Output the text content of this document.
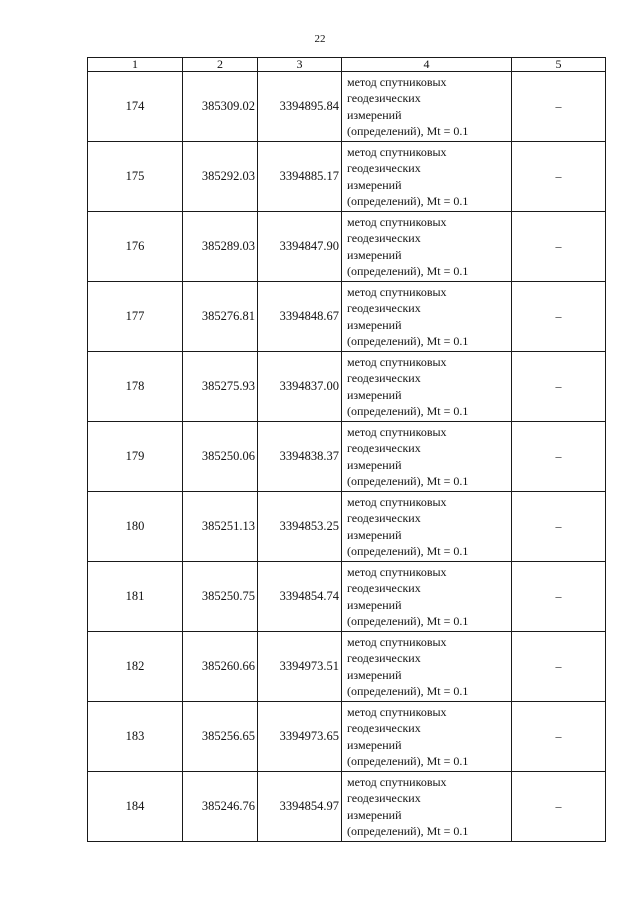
22
1	2	3	4	5
174	385309.02	3394895.84	метод спутниковых
геодезических
измерений
(определений), Mt = 0.1	–
175	385292.03	3394885.17	метод спутниковых
геодезических
измерений
(определений), Mt = 0.1	–
176	385289.03	3394847.90	метод спутниковых
геодезических
измерений
(определений), Mt = 0.1	–
177	385276.81	3394848.67	метод спутниковых
геодезических
измерений
(определений), Mt = 0.1	–
178	385275.93	3394837.00	метод спутниковых
геодезических
измерений
(определений), Mt = 0.1	–
179	385250.06	3394838.37	метод спутниковых
геодезических
измерений
(определений), Mt = 0.1	–
180	385251.13	3394853.25	метод спутниковых
геодезических
измерений
(определений), Mt = 0.1	–
181	385250.75	3394854.74	метод спутниковых
геодезических
измерений
(определений), Mt = 0.1	–
182	385260.66	3394973.51	метод спутниковых
геодезических
измерений
(определений), Mt = 0.1	–
183	385256.65	3394973.65	метод спутниковых
геодезических
измерений
(определений), Mt = 0.1	–
184	385246.76	3394854.97	метод спутниковых
геодезических
измерений
(определений), Mt = 0.1	–
